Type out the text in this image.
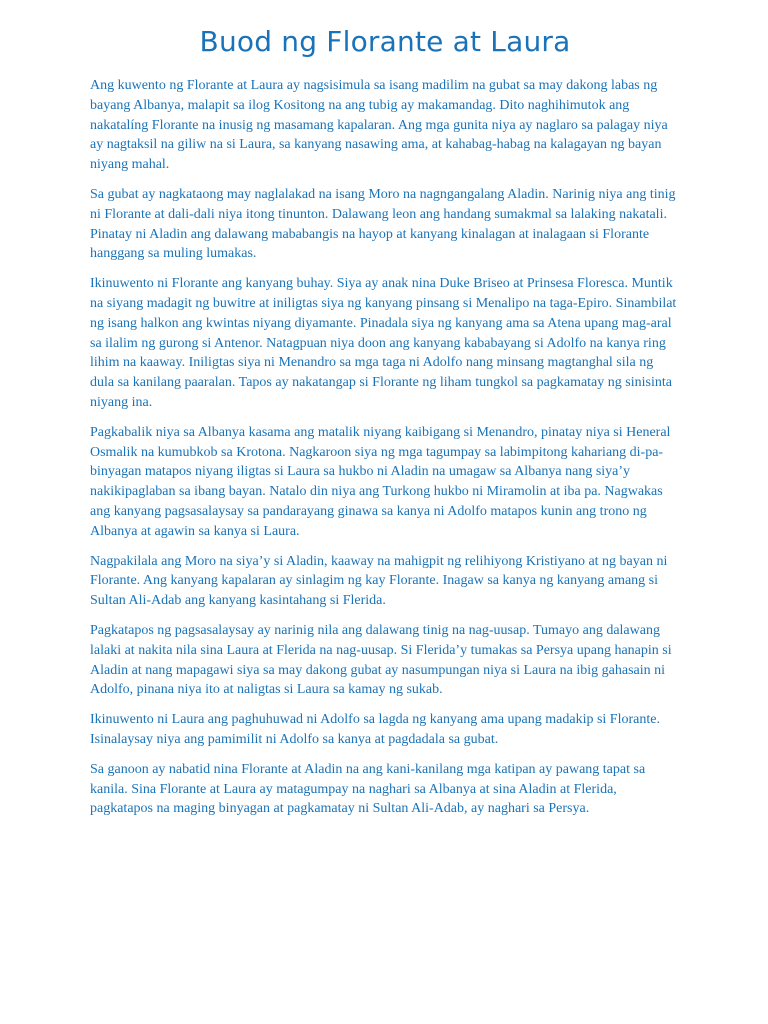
Buod ng Florante at Laura

Ang kuwento ng Florante at Laura ay nagsisimula sa isang madilim na gubat sa may dakong labas ng bayang Albanya, malapit sa ilog Kositong na ang tubig ay makamandag. Dito naghihimutok ang nakatalíng Florante na inusig ng masamang kapalaran. Ang mga gunita niya ay naglaro sa palagay niya ay nagtaksil na giliw na si Laura, sa kanyang nasawing ama, at kahabag-habag na kalagayan ng bayan niyang mahal.

Sa gubat ay nagkataong may naglalakad na isang Moro na nagngangalang Aladin. Narinig niya ang tinig ni Florante at dali-dali niya itong tinunton. Dalawang leon ang handang sumakmal sa lalaking nakatali. Pinatay ni Aladin ang dalawang mababangis na hayop at kanyang kinalagan at inalagaan si Florante hanggang sa muling lumakas.

Ikinuwento ni Florante ang kanyang buhay. Siya ay anak nina Duke Briseo at Prinsesa Floresca. Muntik na siyang madagit ng buwitre at iniligtas siya ng kanyang pinsang si Menalipo na taga-Epiro. Sinambilat ng isang halkon ang kwintas niyang diyamante. Pinadala siya ng kanyang ama sa Atena upang mag-aral sa ilalim ng gurong si Antenor. Natagpuan niya doon ang kanyang kababayang si Adolfo na kanya ring lihim na kaaway. Iniligtas siya ni Menandro sa mga taga ni Adolfo nang minsang magtanghal sila ng dula sa kanilang paaralan. Tapos ay nakatangap si Florante ng liham tungkol sa pagkamatay ng sinisinta niyang ina.

Pagkabalik niya sa Albanya kasama ang matalik niyang kaibigang si Menandro, pinatay niya si Heneral Osmalik na kumubkob sa Krotona. Nagkaroon siya ng mga tagumpay sa labimpitong kahariang di-pa-binyagan matapos niyang iligtas si Laura sa hukbo ni Aladin na umagaw sa Albanya nang siya’y nakikipaglaban sa ibang bayan. Natalo din niya ang Turkong hukbo ni Miramolin at iba pa. Nagwakas ang kanyang pagsasalaysay sa pandarayang ginawa sa kanya ni Adolfo matapos kunin ang trono ng Albanya at agawin sa kanya si Laura.

Nagpakilala ang Moro na siya’y si Aladin, kaaway na mahigpit ng relihiyong Kristiyano at ng bayan ni Florante. Ang kanyang kapalaran ay sinlagim ng kay Florante. Inagaw sa kanya ng kanyang amang si Sultan Ali-Adab ang kanyang kasintahang si Flerida.

Pagkatapos ng pagsasalaysay ay narinig nila ang dalawang tinig na nag-uusap. Tumayo ang dalawang lalaki at nakita nila sina Laura at Flerida na nag-uusap. Si Flerida’y tumakas sa Persya upang hanapin si Aladin at nang mapagawi siya sa may dakong gubat ay nasumpungan niya si Laura na ibig gahasain ni Adolfo, pinana niya ito at naligtas si Laura sa kamay ng sukab.

Ikinuwento ni Laura ang paghuhuwad ni Adolfo sa lagda ng kanyang ama upang madakip si Florante. Isinalaysay niya ang pamimilit ni Adolfo sa kanya at pagdadala sa gubat.

Sa ganoon ay nabatid nina Florante at Aladin na ang kani-kanilang mga katipan ay pawang tapat sa kanila. Sina Florante at Laura ay matagumpay na naghari sa Albanya at sina Aladin at Flerida, pagkatapos na maging binyagan at pagkamatay ni Sultan Ali-Adab, ay naghari sa Persya.
